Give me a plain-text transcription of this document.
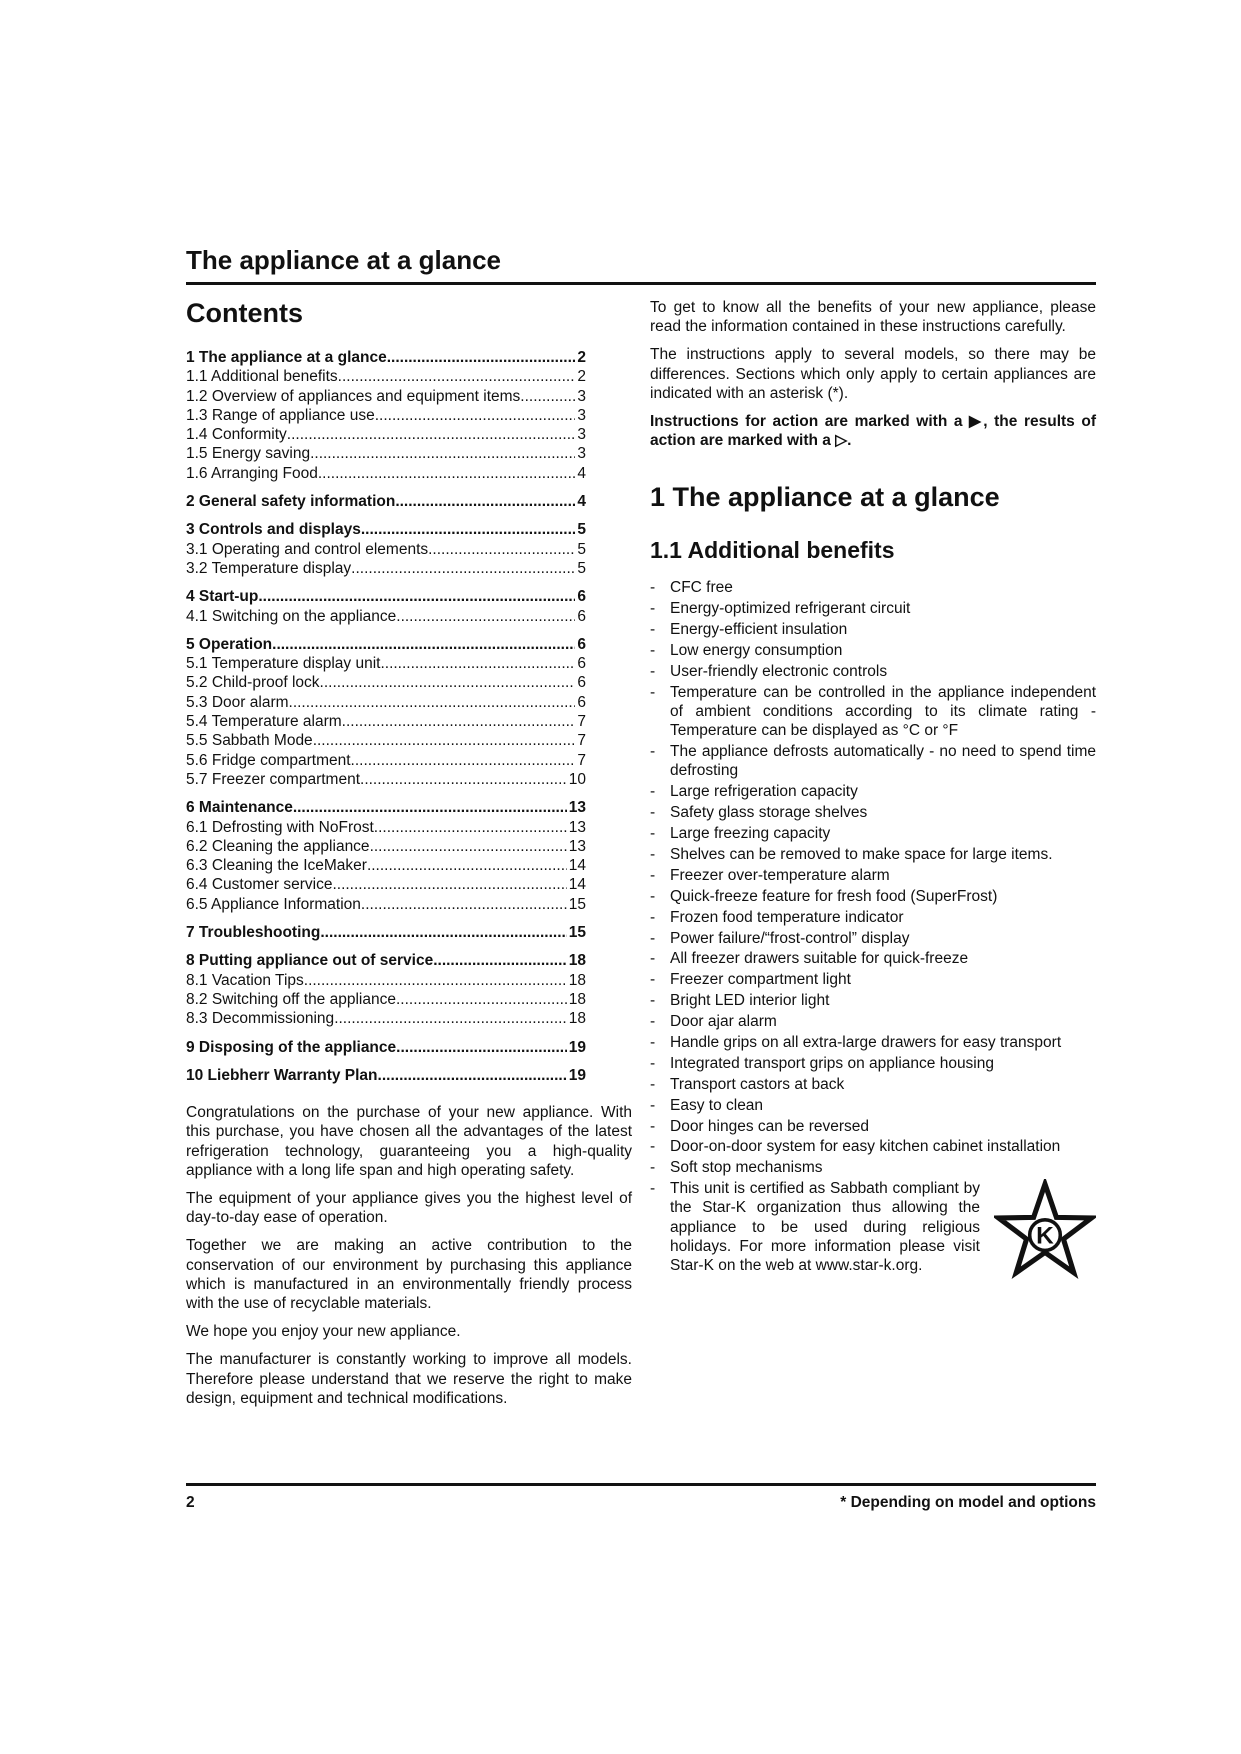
The appliance at a glance
Contents
1 The appliance at a glance .....	2
1.1 Additional benefits .....	2
1.2 Overview of appliances and equipment items .....	3
1.3 Range of appliance use .....	3
1.4 Conformity .....	3
1.5 Energy saving .....	3
1.6 Arranging Food .....	4
2 General safety information .....	4
3 Controls and displays .....	5
3.1 Operating and control elements .....	5
3.2 Temperature display .....	5
4 Start-up .....	6
4.1 Switching on the appliance .....	6
5 Operation .....	6
5.1 Temperature display unit .....	6
5.2 Child-proof lock .....	6
5.3 Door alarm .....	6
5.4 Temperature alarm .....	7
5.5 Sabbath Mode .....	7
5.6 Fridge compartment .....	7
5.7 Freezer compartment .....	10
6 Maintenance .....	13
6.1 Defrosting with NoFrost .....	13
6.2 Cleaning the appliance .....	13
6.3 Cleaning the IceMaker .....	14
6.4 Customer service .....	14
6.5 Appliance Information .....	15
7 Troubleshooting .....	15
8 Putting appliance out of service .....	18
8.1 Vacation Tips .....	18
8.2 Switching off the appliance .....	18
8.3 Decommissioning .....	18
9 Disposing of the appliance .....	19
10 Liebherr Warranty Plan .....	19

Congratulations on the purchase of your new appliance. With this purchase, you have chosen all the advantages of the latest refrigeration technology, guaranteeing you a high-quality appliance with a long life span and high operating safety.

The equipment of your appliance gives you the highest level of day-to-day ease of operation.

Together we are making an active contribution to the conservation of our environment by purchasing this appliance which is manufactured in an environmentally friendly process with the use of recyclable materials.

We hope you enjoy your new appliance.

The manufacturer is constantly working to improve all models. Therefore please understand that we reserve the right to make design, equipment and technical modifications.

To get to know all the benefits of your new appliance, please read the information contained in these instructions carefully.

The instructions apply to several models, so there may be differences. Sections which only apply to certain appliances are indicated with an asterisk (*).

Instructions for action are marked with a ▶, the results of action are marked with a ▷.

1 The appliance at a glance
1.1 Additional benefits
- CFC free
- Energy-optimized refrigerant circuit
- Energy-efficient insulation
- Low energy consumption
- User-friendly electronic controls
- Temperature can be controlled in the appliance independent of ambient conditions according to its climate rating - Temperature can be displayed as °C or °F
- The appliance defrosts automatically - no need to spend time defrosting
- Large refrigeration capacity
- Safety glass storage shelves
- Large freezing capacity
- Shelves can be removed to make space for large items.
- Freezer over-temperature alarm
- Quick-freeze feature for fresh food (SuperFrost)
- Frozen food temperature indicator
- Power failure/“frost-control” display
- All freezer drawers suitable for quick-freeze
- Freezer compartment light
- Bright LED interior light
- Door ajar alarm
- Handle grips on all extra-large drawers for easy transport
- Integrated transport grips on appliance housing
- Transport castors at back
- Easy to clean
- Door hinges can be reversed
- Door-on-door system for easy kitchen cabinet installation
- Soft stop mechanisms
- This unit is certified as Sabbath compliant by the Star-K organization thus allowing the appliance to be used during religious holidays. For more information please visit Star-K on the web at www.star-k.org.
K
2	* Depending on model and options
